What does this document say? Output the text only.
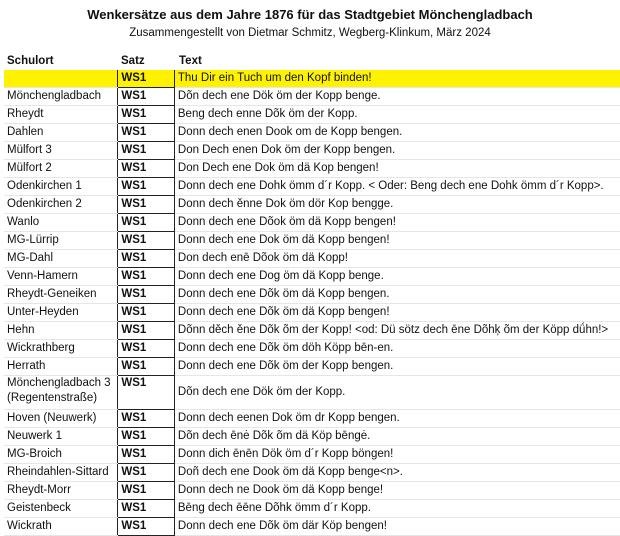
Wenkersätze aus dem Jahre 1876 für das Stadtgebiet Mönchengladbach
Zusammengestellt von Dietmar Schmitz, Wegberg-Klinkum, März 2024
Schulort	Satz	Text
	WS1	Thu Dir ein Tuch um den Kopf binden!
Mönchengladbach	WS1	Dõn dech ene Dök öm der Kopp benge.
Rheydt	WS1	Beng dech enne Dõk öm der Kopp.
Dahlen	WS1	Donn dech enen Dook om de Kopp bengen.
Mülfort 3	WS1	Don Dech enen Dok öm der Kopp bengen.
Mülfort 2	WS1	Don Dech ene Dok öm dä Kop bengen!
Odenkirchen 1	WS1	Donn dech ene Dohk ömm d´r Kopp. < Oder: Beng dech ene Dohk ömm d´r Kopp>.
Odenkirchen 2	WS1	Donn dech ěnne Dok öm dör Kop bengge.
Wanlo	WS1	Donn dech ene Dõok öm dä Kopp bengen!
MG-Lürrip	WS1	Donn dech ene Dok öm dä Kopp bengen!
MG-Dahl	WS1	Don dech enē Dõok öm dä Kopp!
Venn-Hamern	WS1	Donn dech ene Dog öm dä Kopp benge.
Rheydt-Geneiken	WS1	Donn dech ene Dõk öm dä Kopp bengen.
Unter-Heyden	WS1	Donn dech ene Dõk öm dä Kopp bengen!
Hehn	WS1	Dõnn děch ěne Dõk õm der Kopp! <od: Dü sötz dech ēne Dõhķ õm der Köpp dǘhn!>
Wickrathberg	WS1	Donn dech ene Dõk öm döh Köpp bēn-en.
Herrath	WS1	Donn dech ene Dõk öm der Kopp bengen.
Mönchengladbach 3 (Regentenstraße)	WS1	Dõn dech ene Dök öm der Kopp.
Hoven (Neuwerk)	WS1	Donn dech eenen Dok öm dr Kopp bengen.
Neuwerk 1	WS1	Dõn dech ēnė Dõk õm dä Köp bēngė.
MG-Broich	WS1	Donn dich ēnēn Dök öm d´r Kopp böngen!
Rheindahlen-Sittard	WS1	Doñ dech ene Dook öm dä Kopp benge<n>.
Rheydt-Morr	WS1	Donn dech ne Dook öm dä Kopp benge!
Geistenbeck	WS1	Bēng dech ēēne Dõhk ömm d´r Kopp.
Wickrath	WS1	Donn dech ene Dõk öm där Köp bengen!
